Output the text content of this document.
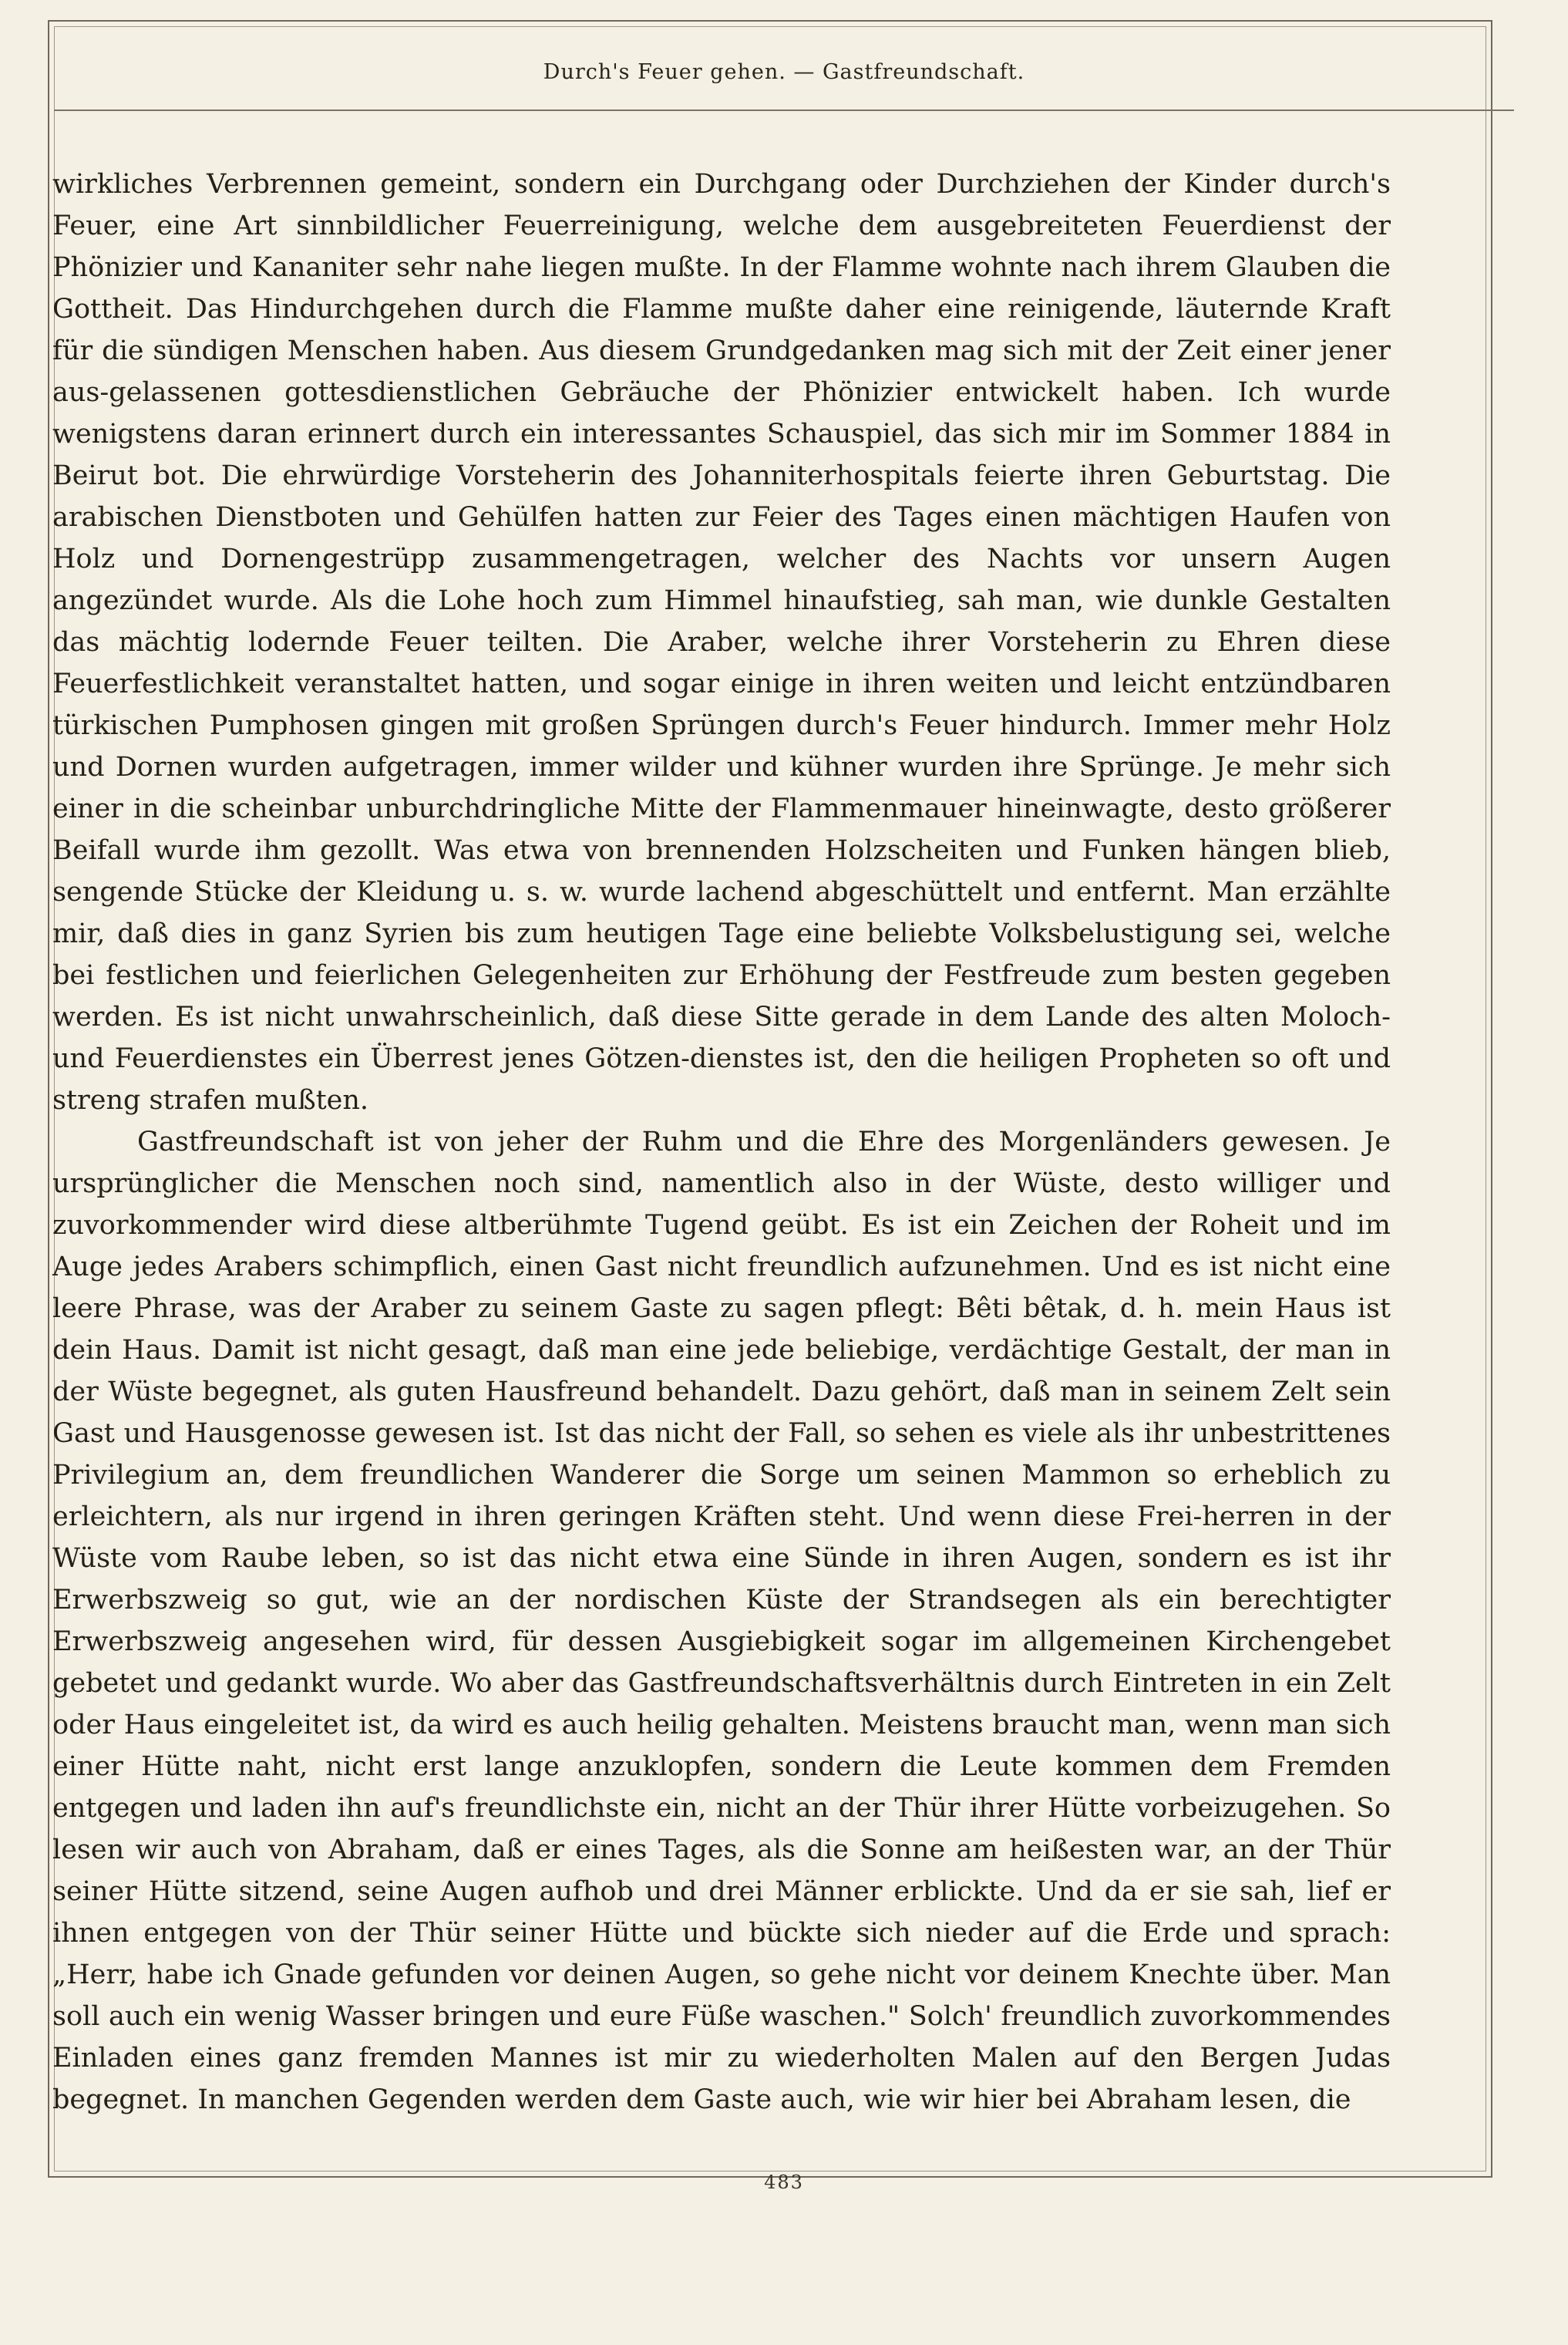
Durch's Feuer gehen. — Gastfreundschaft.

wirkliches Verbrennen gemeint, sondern ein Durchgang oder Durchziehen der Kinder durch's Feuer, eine Art sinnbildlicher Feuerreinigung, welche dem ausgebreiteten Feuerdienst der Phönizier und Kananiter sehr nahe liegen mußte. In der Flamme wohnte nach ihrem Glauben die Gottheit. Das Hindurchgehen durch die Flamme mußte daher eine reinigende, läuternde Kraft für die sündigen Menschen haben. Aus diesem Grundgedanken mag sich mit der Zeit einer jener aus-gelassenen gottesdienstlichen Gebräuche der Phönizier entwickelt haben. Ich wurde wenigstens daran erinnert durch ein interessantes Schauspiel, das sich mir im Sommer 1884 in Beirut bot. Die ehrwürdige Vorsteherin des Johanniterhospitals feierte ihren Geburtstag. Die arabischen Dienstboten und Gehülfen hatten zur Feier des Tages einen mächtigen Haufen von Holz und Dornengestrüpp zusammengetragen, welcher des Nachts vor unsern Augen angezündet wurde. Als die Lohe hoch zum Himmel hinaufstieg, sah man, wie dunkle Gestalten das mächtig lodernde Feuer teilten. Die Araber, welche ihrer Vorsteherin zu Ehren diese Feuerfestlichkeit veranstaltet hatten, und sogar einige in ihren weiten und leicht entzündbaren türkischen Pumphosen gingen mit großen Sprüngen durch's Feuer hindurch. Immer mehr Holz und Dornen wurden aufgetragen, immer wilder und kühner wurden ihre Sprünge. Je mehr sich einer in die scheinbar unburchdringliche Mitte der Flammenmauer hineinwagte, desto größerer Beifall wurde ihm gezollt. Was etwa von brennenden Holzscheiten und Funken hängen blieb, sengende Stücke der Kleidung u. s. w. wurde lachend abgeschüttelt und entfernt. Man erzählte mir, daß dies in ganz Syrien bis zum heutigen Tage eine beliebte Volksbelustigung sei, welche bei festlichen und feierlichen Gelegenheiten zur Erhöhung der Festfreude zum besten gegeben werden. Es ist nicht unwahrscheinlich, daß diese Sitte gerade in dem Lande des alten Moloch- und Feuerdienstes ein Überrest jenes Götzen-dienstes ist, den die heiligen Propheten so oft und streng strafen mußten.

Gastfreundschaft ist von jeher der Ruhm und die Ehre des Morgenländers gewesen. Je ursprünglicher die Menschen noch sind, namentlich also in der Wüste, desto williger und zuvorkommender wird diese altberühmte Tugend geübt. Es ist ein Zeichen der Roheit und im Auge jedes Arabers schimpflich, einen Gast nicht freundlich aufzunehmen. Und es ist nicht eine leere Phrase, was der Araber zu seinem Gaste zu sagen pflegt: Bêti bêtak, d. h. mein Haus ist dein Haus. Damit ist nicht gesagt, daß man eine jede beliebige, verdächtige Gestalt, der man in der Wüste begegnet, als guten Hausfreund behandelt. Dazu gehört, daß man in seinem Zelt sein Gast und Hausgenosse gewesen ist. Ist das nicht der Fall, so sehen es viele als ihr unbestrittenes Privilegium an, dem freundlichen Wanderer die Sorge um seinen Mammon so erheblich zu erleichtern, als nur irgend in ihren geringen Kräften steht. Und wenn diese Frei-herren in der Wüste vom Raube leben, so ist das nicht etwa eine Sünde in ihren Augen, sondern es ist ihr Erwerbszweig so gut, wie an der nordischen Küste der Strandsegen als ein berechtigter Erwerbszweig angesehen wird, für dessen Ausgiebigkeit sogar im allgemeinen Kirchengebet gebetet und gedankt wurde. Wo aber das Gastfreundschaftsverhältnis durch Eintreten in ein Zelt oder Haus eingeleitet ist, da wird es auch heilig gehalten. Meistens braucht man, wenn man sich einer Hütte naht, nicht erst lange anzuklopfen, sondern die Leute kommen dem Fremden entgegen und laden ihn auf's freundlichste ein, nicht an der Thür ihrer Hütte vorbeizugehen. So lesen wir auch von Abraham, daß er eines Tages, als die Sonne am heißesten war, an der Thür seiner Hütte sitzend, seine Augen aufhob und drei Männer erblickte. Und da er sie sah, lief er ihnen entgegen von der Thür seiner Hütte und bückte sich nieder auf die Erde und sprach: „Herr, habe ich Gnade gefunden vor deinen Augen, so gehe nicht vor deinem Knechte über. Man soll auch ein wenig Wasser bringen und eure Füße waschen." Solch' freundlich zuvorkommendes Einladen eines ganz fremden Mannes ist mir zu wiederholten Malen auf den Bergen Judas begegnet. In manchen Gegenden werden dem Gaste auch, wie wir hier bei Abraham lesen, die

483
